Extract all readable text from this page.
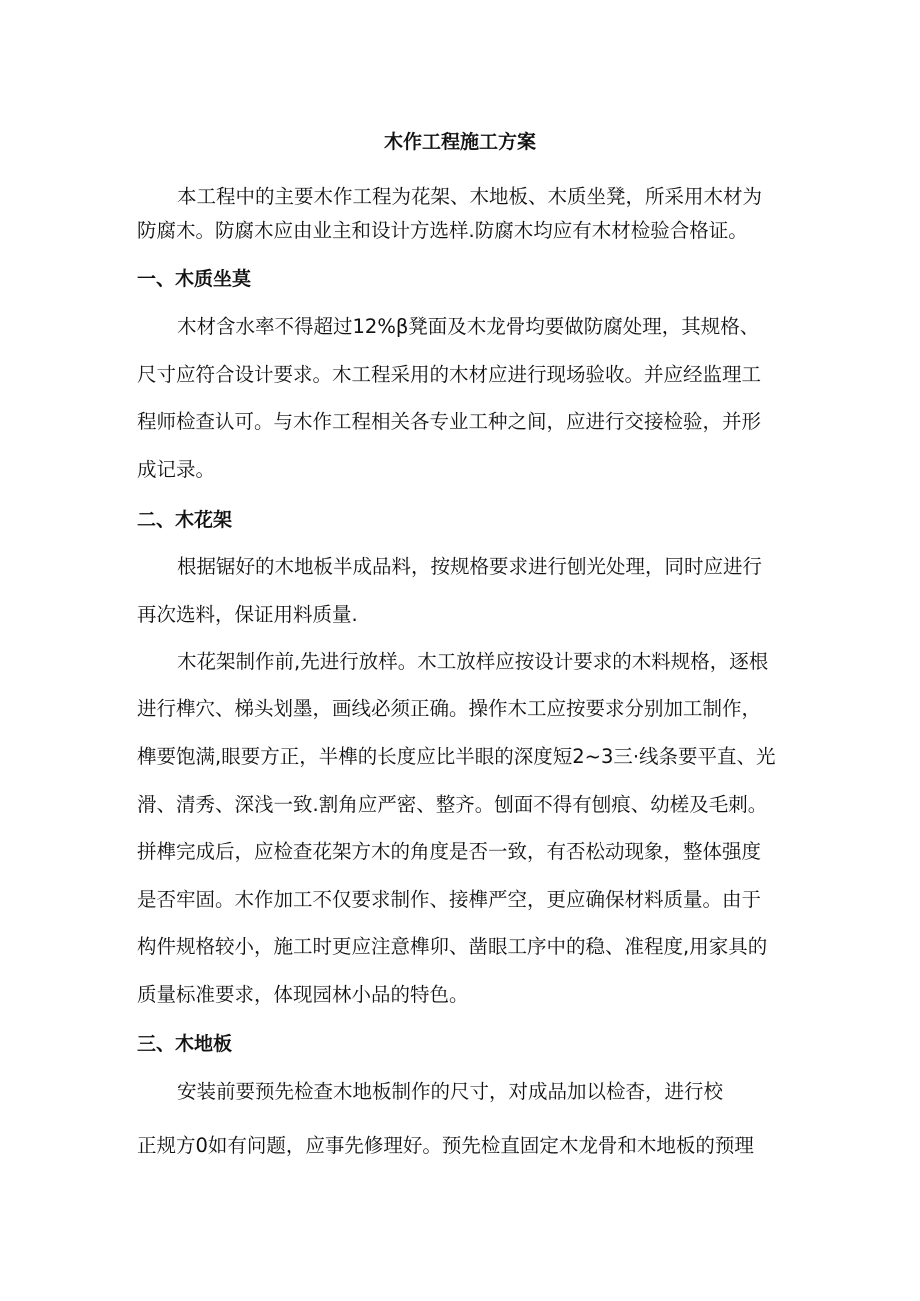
木作工程施工方案
本工程中的主要木作工程为花架、木地板、木质坐凳，所采用木材为
防腐木。防腐木应由业主和设计方选样.防腐木均应有木材检验合格证。
一、木质坐莫
木材含水率不得超过12%β凳面及木龙骨均要做防腐处理，其规格、
尺寸应符合设计要求。木工程采用的木材应进行现场验收。并应经监理工
程师检查认可。与木作工程相关各专业工种之间，应进行交接检验，并形
成记录。
二、木花架
根据锯好的木地板半成品料，按规格要求进行刨光处理，同时应进行
再次选料，保证用料质量.
木花架制作前,先进行放样。木工放样应按设计要求的木料规格，逐根
进行榫穴、梯头划墨，画线必须正确。操作木工应按要求分别加工制作，
榫要饱满,眼要方正，半榫的长度应比半眼的深度短2~3三·线条要平直、光
滑、清秀、深浅一致.割角应严密、整齐。刨面不得有刨痕、幼槎及毛刺。
拼榫完成后，应检查花架方木的角度是否一致，有否松动现象，整体强度
是否牢固。木作加工不仅要求制作、接榫严空，更应确保材料质量。由于
构件规格较小，施工时更应注意榫卯、凿眼工序中的稳、准程度,用家具的
质量标准要求，体现园林小品的特色。
三、木地板
安装前要预先检查木地板制作的尺寸，对成品加以检杳，进行校
正规方0如有问题，应事先修理好。预先检直固定木龙骨和木地板的预理
